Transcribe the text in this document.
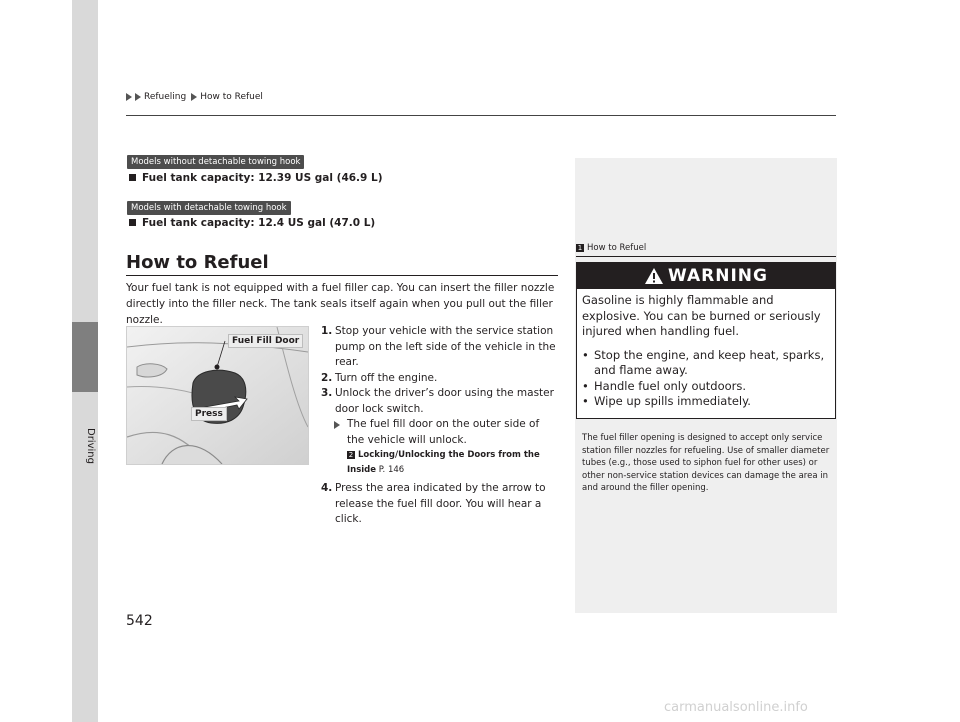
Driving
Refueling How to Refuel
Models without detachable towing hook
Fuel tank capacity: 12.39 US gal (46.9 L)
Models with detachable towing hook
Fuel tank capacity: 12.4 US gal (47.0 L)
How to Refuel
Your fuel tank is not equipped with a fuel filler cap. You can insert the filler nozzle directly into the filler neck. The tank seals itself again when you pull out the filler nozzle.
Fuel Fill Door
Press
1. Stop your vehicle with the service station pump on the left side of the vehicle in the rear.
2. Turn off the engine.
3. Unlock the driver’s door using the master door lock switch.
The fuel fill door on the outer side of the vehicle will unlock.
2 Locking/Unlocking the Doors from the Inside P. 146
4. Press the area indicated by the arrow to release the fuel fill door. You will hear a click.
1 How to Refuel
WARNING
Gasoline is highly flammable and explosive. You can be burned or seriously injured when handling fuel.
• Stop the engine, and keep heat, sparks, and flame away.
• Handle fuel only outdoors.
• Wipe up spills immediately.
The fuel filler opening is designed to accept only service station filler nozzles for refueling. Use of smaller diameter tubes (e.g., those used to siphon fuel for other uses) or other non-service station devices can damage the area in and around the filler opening.
542
carmanualsonline.info
